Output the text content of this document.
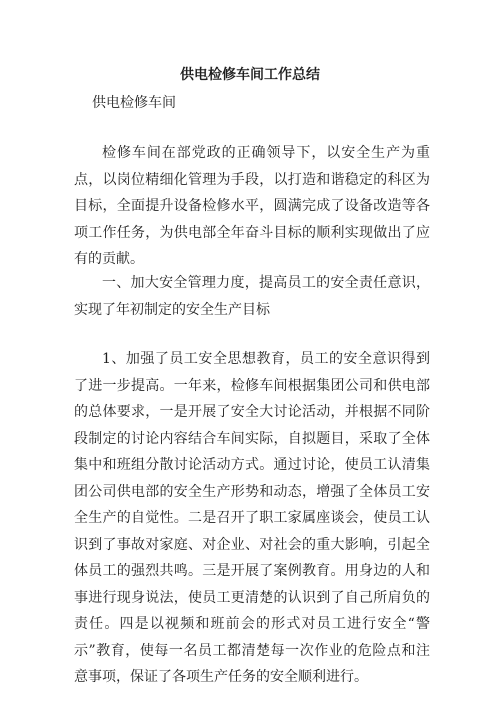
供电检修车间工作总结
供电检修车间

检修车间在部党政的正确领导下，以安全生产为重点，以岗位精细化管理为手段，以打造和谐稳定的科区为目标，全面提升设备检修水平，圆满完成了设备改造等各项工作任务，为供电部全年奋斗目标的顺利实现做出了应有的贡献。

一、加大安全管理力度，提高员工的安全责任意识，实现了年初制定的安全生产目标

1、加强了员工安全思想教育，员工的安全意识得到了进一步提高。一年来，检修车间根据集团公司和供电部的总体要求，一是开展了安全大讨论活动，并根据不同阶段制定的讨论内容结合车间实际，自拟题目，采取了全体集中和班组分散讨论活动方式。通过讨论，使员工认清集团公司供电部的安全生产形势和动态，增强了全体员工安全生产的自觉性。二是召开了职工家属座谈会，使员工认识到了事故对家庭、对企业、对社会的重大影响，引起全体员工的强烈共鸣。三是开展了案例教育。用身边的人和事进行现身说法，使员工更清楚的认识到了自己所肩负的责任。四是以视频和班前会的形式对员工进行安全“警示”教育，使每一名员工都清楚每一次作业的危险点和注意事项，保证了各项生产任务的安全顺利进行。
